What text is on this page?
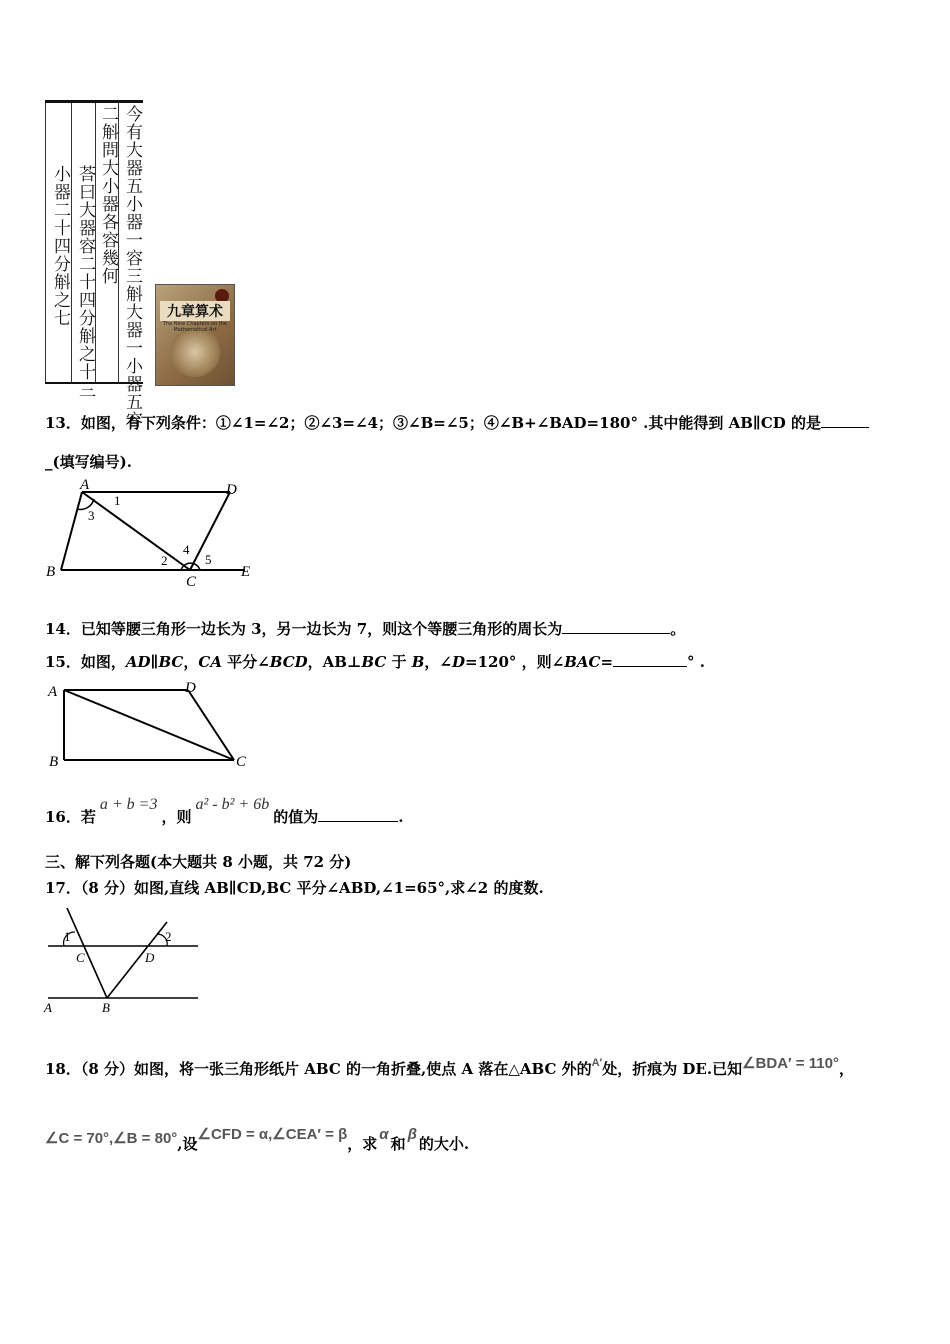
今有大器五小器一容三斛大器一小器五容
二斛問大小器各容幾何
荅曰大器容二十四分斛之十三
小器二十四分斛之七	九章算术
The Nine Chapters on the Mathematical Art
13．如图，有下列条件：①∠1=∠2；②∠3=∠4；③∠B=∠5；④∠B+∠BAD=180° .其中能得到 AB∥CD 的是
_(填写编号).
A	D
B
C
E
1
3
2
4
5
14．已知等腰三角形一边长为 3，另一边长为 7，则这个等腰三角形的周长为	。
15．如图，AD∥BC，CA 平分∠BCD，AB⊥BC 于 B，∠D=120° ，则∠BAC=	° .
A	D
B	C
16．若a + b =3，则a² - b² + 6b的值为	.
三、解下列各题(本大题共 8 小题，共 72 分)
17．（8 分）如图,直线 AB∥CD,BC 平分∠ABD,∠1=65°,求∠2 的度数.
1	2
C	D
A	B
18．（8 分）如图，将一张三角形纸片 ABC 的一角折叠,使点 A 落在△ABC 外的$^{A'}$处，折痕为 DE.已知∠BDA′ = 110°，
∠C = 70°,∠B = 80°,设∠CFD = α,∠CEA′ = β，求α和β的大小.
